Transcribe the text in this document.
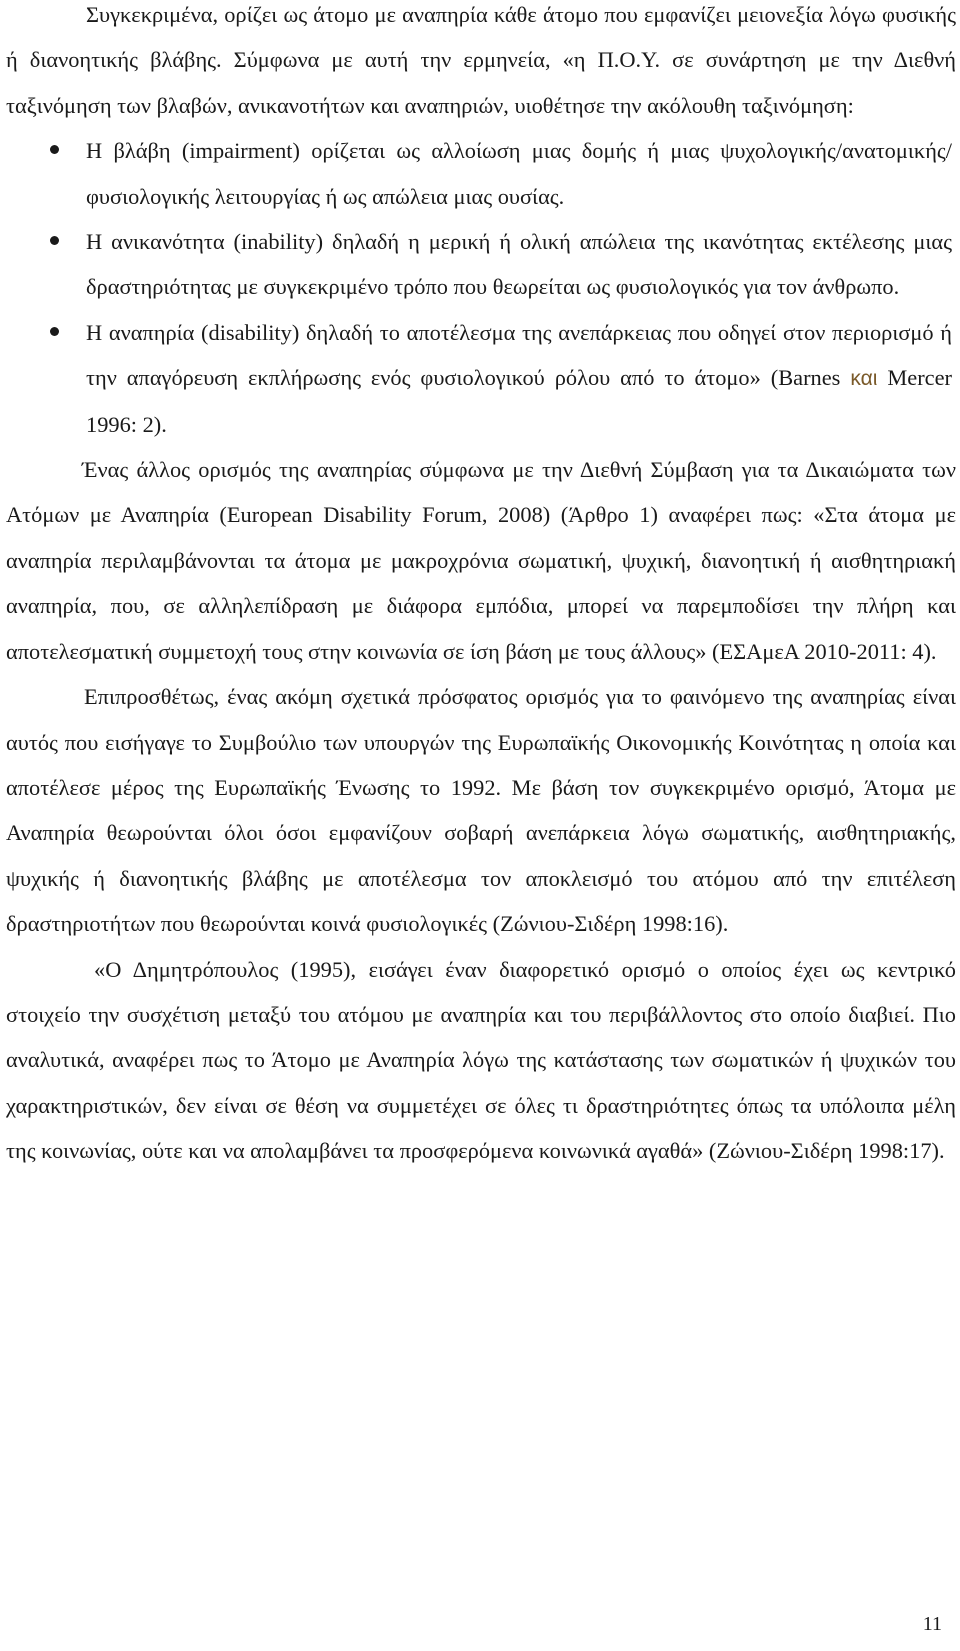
Συγκεκριμένα, ορίζει ως άτομο με αναπηρία κάθε άτομο που εμφανίζει μειονεξία λόγω φυσικής ή διανοητικής βλάβης. Σύμφωνα με αυτή την ερμηνεία, «η Π.Ο.Υ. σε συνάρτηση με την Διεθνή ταξινόμηση των βλαβών, ανικανοτήτων και αναπηριών, υιοθέτησε την ακόλουθη ταξινόμηση:

Η βλάβη (impairment) ορίζεται ως αλλοίωση μιας δομής ή μιας ψυχολογικής/ανατομικής/φυσιολογικής λειτουργίας ή ως απώλεια μιας ουσίας.
Η ανικανότητα (inability) δηλαδή η μερική ή ολική απώλεια της ικανότητας εκτέλεσης μιας δραστηριότητας με συγκεκριμένο τρόπο που θεωρείται ως φυσιολογικός για τον άνθρωπο.
Η αναπηρία (disability) δηλαδή το αποτέλεσμα της ανεπάρκειας που οδηγεί στον περιορισμό ή την απαγόρευση εκπλήρωσης ενός φυσιολογικού ρόλου από το άτομο» (Barnes και Mercer 1996: 2).

Ένας άλλος ορισμός της αναπηρίας σύμφωνα με την Διεθνή Σύμβαση για τα Δικαιώματα των Ατόμων με Αναπηρία (European Disability Forum, 2008) (Άρθρο 1) αναφέρει πως: «Στα άτομα με αναπηρία περιλαμβάνονται τα άτομα με μακροχρόνια σωματική, ψυχική, διανοητική ή αισθητηριακή αναπηρία, που, σε αλληλεπίδραση με διάφορα εμπόδια, μπορεί να παρεμποδίσει την πλήρη και αποτελεσματική συμμετοχή τους στην κοινωνία σε ίση βάση με τους άλλους» (ΕΣΑμεΑ 2010-2011: 4).

Επιπροσθέτως, ένας ακόμη σχετικά πρόσφατος ορισμός για το φαινόμενο της αναπηρίας είναι αυτός που εισήγαγε το Συμβούλιο των υπουργών της Ευρωπαϊκής Οικονομικής Κοινότητας η οποία και αποτέλεσε μέρος της Ευρωπαϊκής Ένωσης το 1992. Με βάση τον συγκεκριμένο ορισμό, Άτομα με Αναπηρία θεωρούνται όλοι όσοι εμφανίζουν σοβαρή ανεπάρκεια λόγω σωματικής, αισθητηριακής, ψυχικής ή διανοητικής βλάβης με αποτέλεσμα τον αποκλεισμό του ατόμου από την επιτέλεση δραστηριοτήτων που θεωρούνται κοινά φυσιολογικές (Ζώνιου-Σιδέρη 1998:16).

«Ο Δημητρόπουλος (1995), εισάγει έναν διαφορετικό ορισμό ο οποίος έχει ως κεντρικό στοιχείο την συσχέτιση μεταξύ του ατόμου με αναπηρία και του περιβάλλοντος στο οποίο διαβιεί. Πιο αναλυτικά, αναφέρει πως το Άτομο με Αναπηρία λόγω της κατάστασης των σωματικών ή ψυχικών του χαρακτηριστικών, δεν είναι σε θέση να συμμετέχει σε όλες τι δραστηριότητες όπως τα υπόλοιπα μέλη της κοινωνίας, ούτε και να απολαμβάνει τα προσφερόμενα κοινωνικά αγαθά» (Ζώνιου-Σιδέρη 1998:17).

11
